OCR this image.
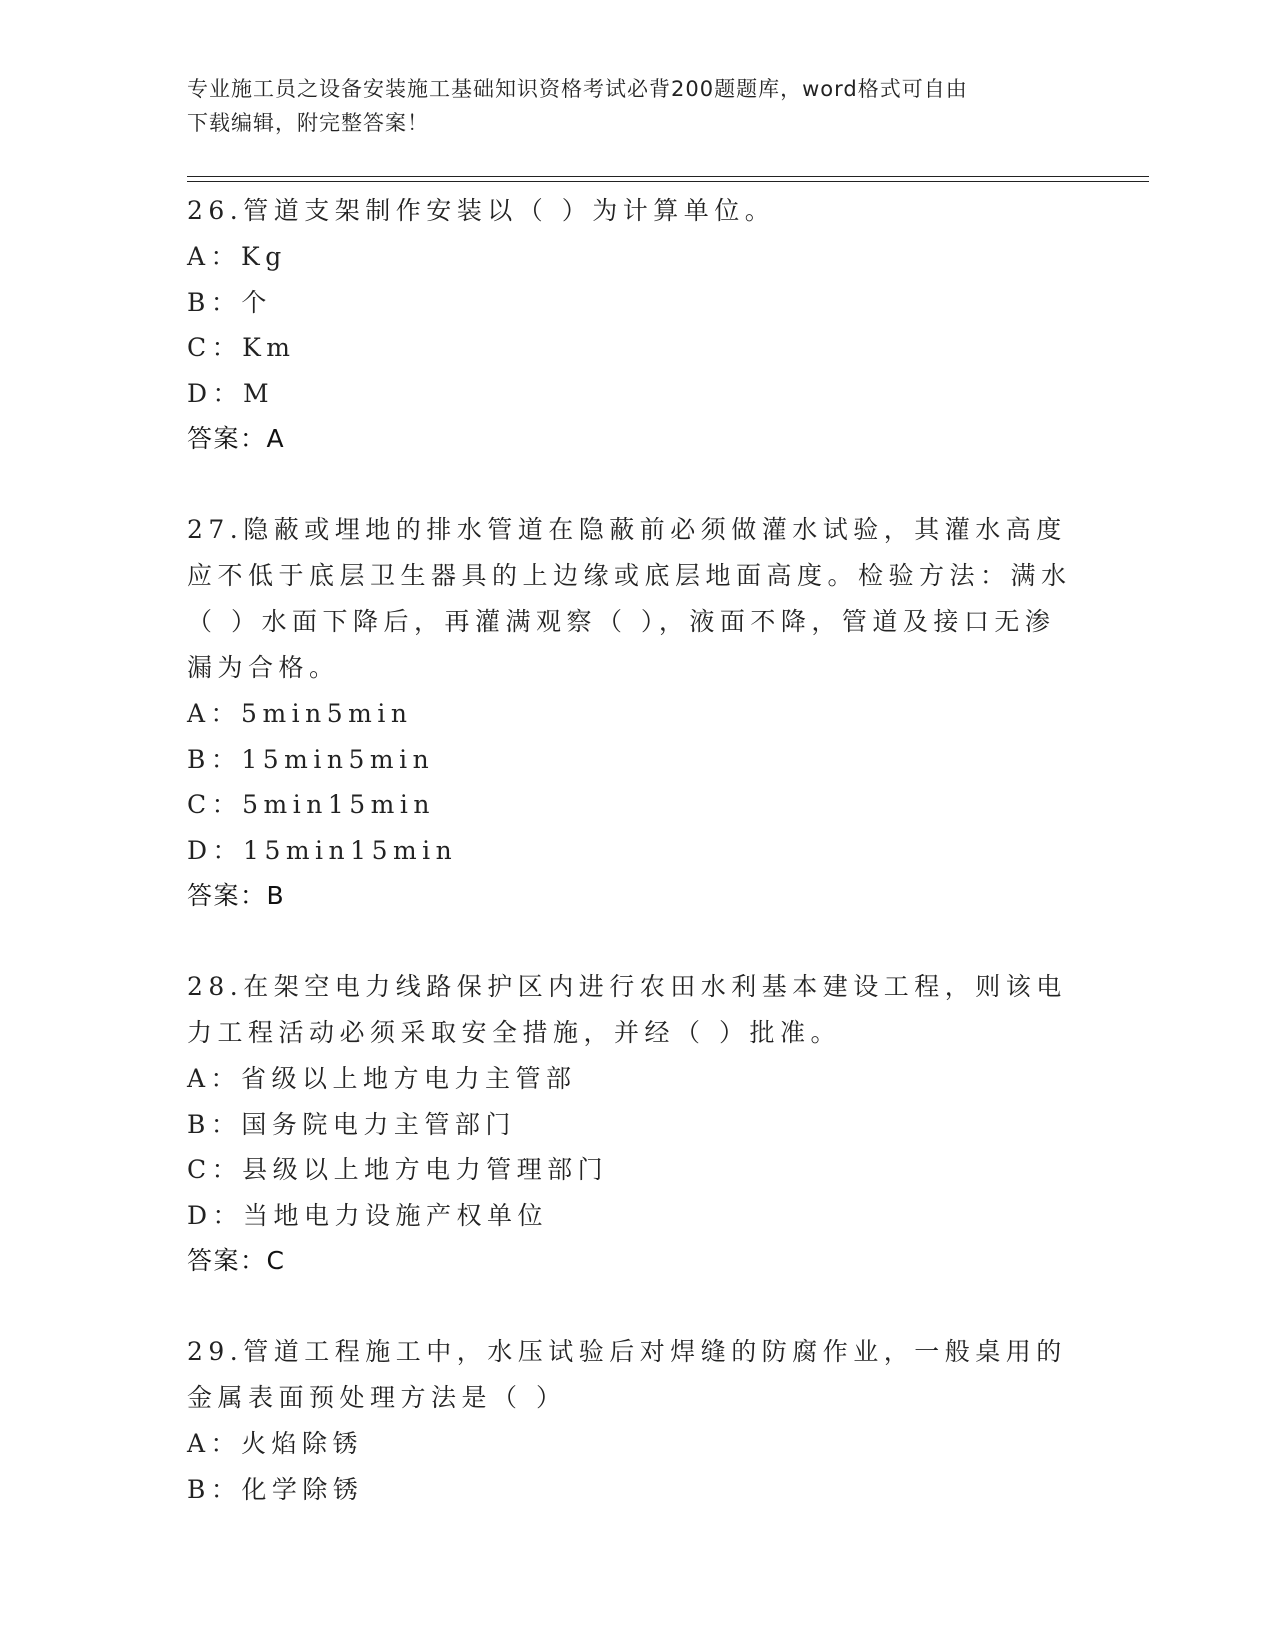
专业施工员之设备安装施工基础知识资格考试必背200题题库，word格式可自由
下载编辑，附完整答案！
26.管道支架制作安装以（ ）为计算单位。
A：Kg
B：个
C：Km
D：M
答案：A
27.隐蔽或埋地的排水管道在隐蔽前必须做灌水试验，其灌水高度应不低于底层卫生器具的上边缘或底层地面高度。检验方法：满水（ ）水面下降后，再灌满观察（ ），液面不降，管道及接口无渗漏为合格。
A：5min5min
B：15min5min
C：5min15min
D：15min15min
答案：B
28.在架空电力线路保护区内进行农田水利基本建设工程，则该电力工程活动必须采取安全措施，并经（ ）批准。
A：省级以上地方电力主管部
B：国务院电力主管部门
C：县级以上地方电力管理部门
D：当地电力设施产权单位
答案：C
29.管道工程施工中，水压试验后对焊缝的防腐作业，一般桌用的金属表面预处理方法是（ ）
A：火焰除锈
B：化学除锈
